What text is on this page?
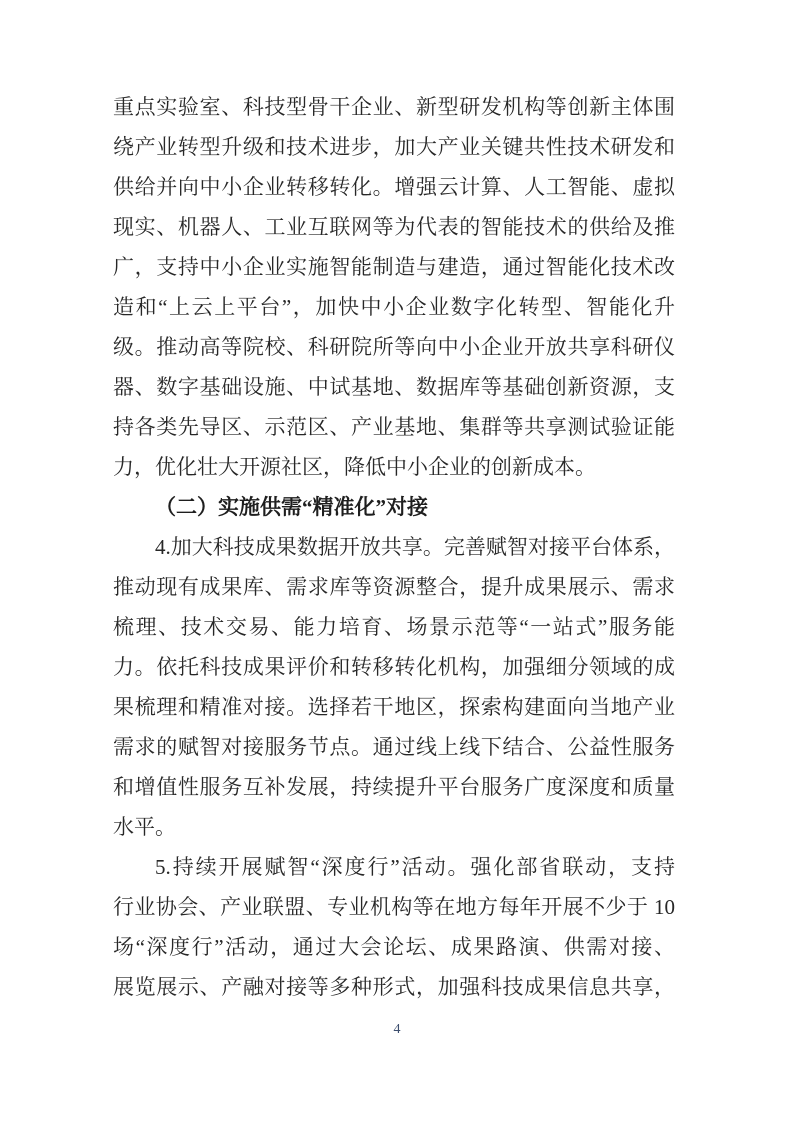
重点实验室、科技型骨干企业、新型研发机构等创新主体围
绕产业转型升级和技术进步，加大产业关键共性技术研发和
供给并向中小企业转移转化。增强云计算、人工智能、虚拟
现实、机器人、工业互联网等为代表的智能技术的供给及推
广，支持中小企业实施智能制造与建造，通过智能化技术改
造和“上云上平台”，加快中小企业数字化转型、智能化升
级。推动高等院校、科研院所等向中小企业开放共享科研仪
器、数字基础设施、中试基地、数据库等基础创新资源，支
持各类先导区、示范区、产业基地、集群等共享测试验证能
力，优化壮大开源社区，降低中小企业的创新成本。
（二）实施供需“精准化”对接
4.加大科技成果数据开放共享。完善赋智对接平台体系，
推动现有成果库、需求库等资源整合，提升成果展示、需求
梳理、技术交易、能力培育、场景示范等“一站式”服务能
力。依托科技成果评价和转移转化机构，加强细分领域的成
果梳理和精准对接。选择若干地区，探索构建面向当地产业
需求的赋智对接服务节点。通过线上线下结合、公益性服务
和增值性服务互补发展，持续提升平台服务广度深度和质量
水平。
5.持续开展赋智“深度行”活动。强化部省联动，支持
行业协会、产业联盟、专业机构等在地方每年开展不少于 10
场“深度行”活动，通过大会论坛、成果路演、供需对接、
展览展示、产融对接等多种形式，加强科技成果信息共享，
4
